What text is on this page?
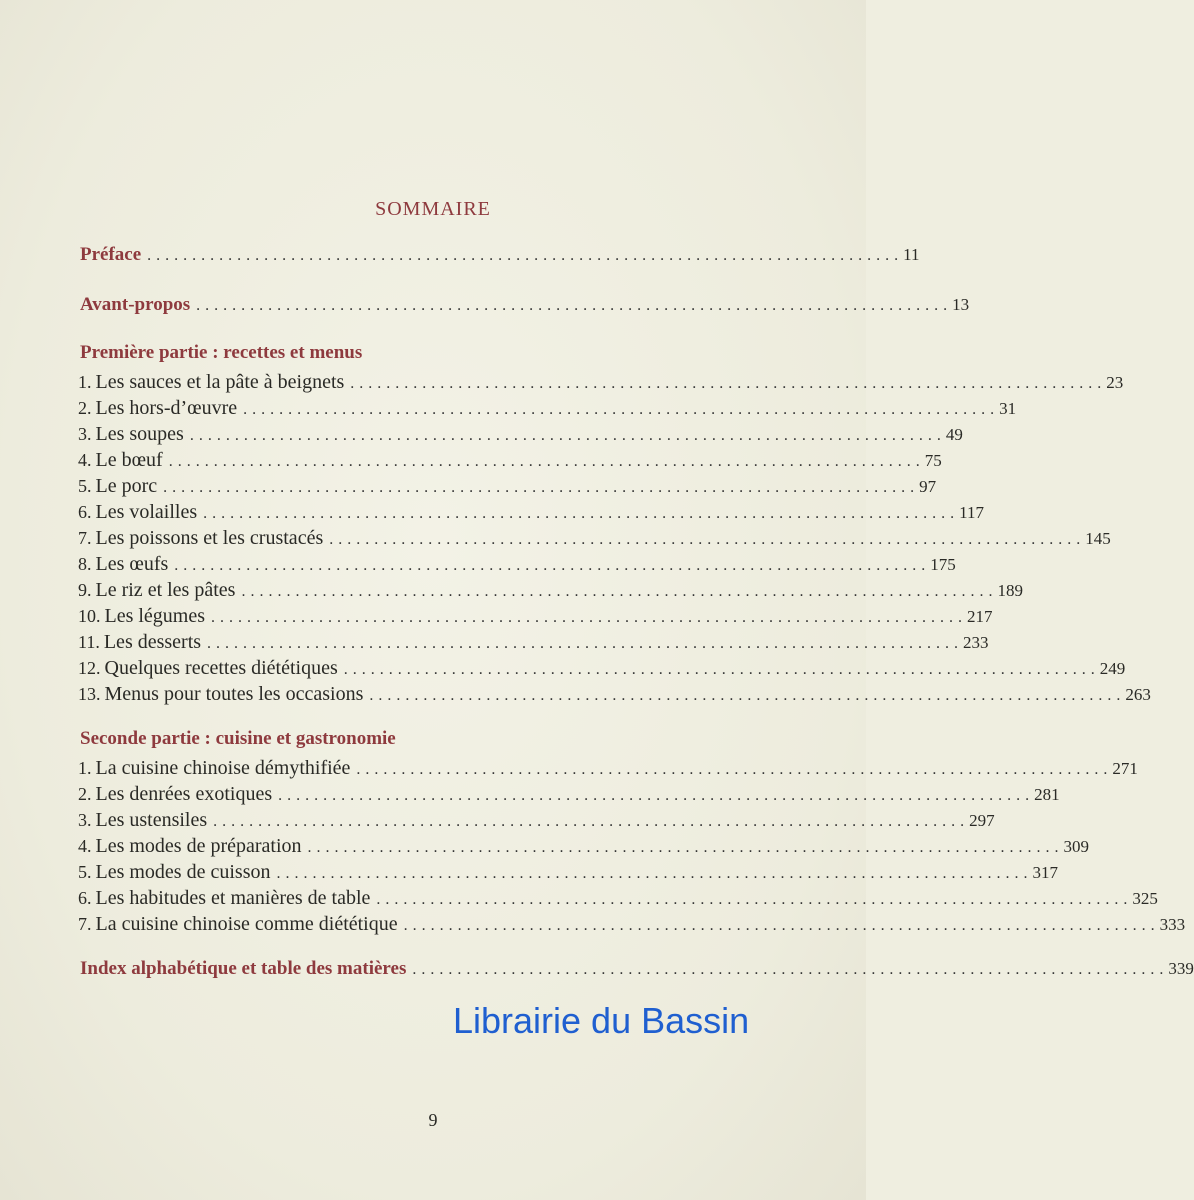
SOMMAIRE
Préface .................................................................................... 11
Avant-propos .................................................................................... 13
Première partie : recettes et menus
1. Les sauces et la pâte à beignets .................................................................................... 23
2. Les hors-d’œuvre .................................................................................... 31
3. Les soupes .................................................................................... 49
4. Le bœuf .................................................................................... 75
5. Le porc .................................................................................... 97
6. Les volailles .................................................................................... 117
7. Les poissons et les crustacés .................................................................................... 145
8. Les œufs .................................................................................... 175
9. Le riz et les pâtes .................................................................................... 189
10. Les légumes .................................................................................... 217
11. Les desserts .................................................................................... 233
12. Quelques recettes diététiques .................................................................................... 249
13. Menus pour toutes les occasions .................................................................................... 263
Seconde partie : cuisine et gastronomie
1. La cuisine chinoise démythifiée .................................................................................... 271
2. Les denrées exotiques .................................................................................... 281
3. Les ustensiles .................................................................................... 297
4. Les modes de préparation .................................................................................... 309
5. Les modes de cuisson .................................................................................... 317
6. Les habitudes et manières de table .................................................................................... 325
7. La cuisine chinoise comme diététique .................................................................................... 333
Index alphabétique et table des matières .................................................................................... 339
Librairie du Bassin
9
